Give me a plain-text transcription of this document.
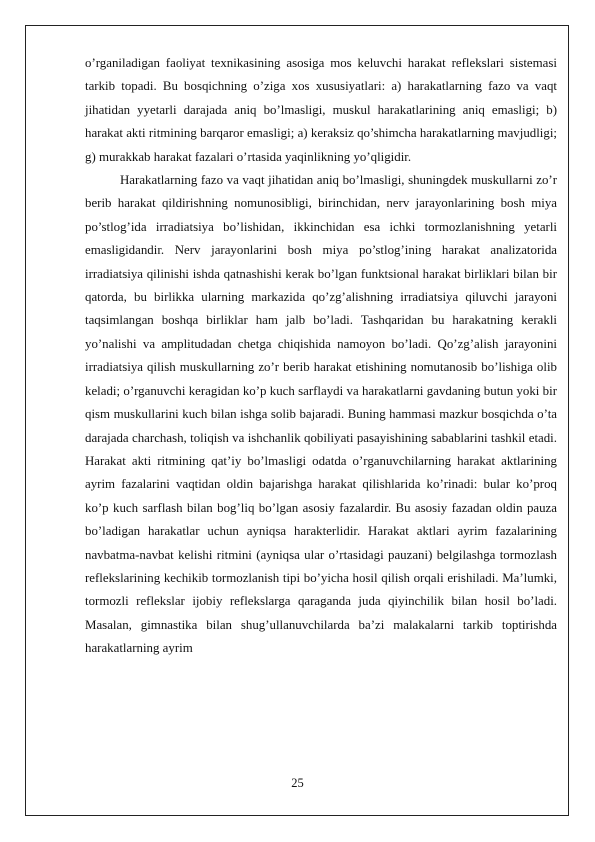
o’rganiladigan faoliyat texnikasining asosiga mos keluvchi harakat reflekslari sistemasi tarkib topadi. Bu bosqichning o’ziga xos xususiyatlari: a) harakatlarning fazo va vaqt jihatidan yyetarli darajada aniq bo’lmasligi, muskul harakatlarining aniq emasligi; b) harakat akti ritmining barqaror emasligi; a) keraksiz qo’shimcha harakatlarning mavjudligi; g) murakkab harakat fazalari o’rtasida yaqinlikning yo’qligidir.

Harakatlarning fazo va vaqt jihatidan aniq bo’lmasligi, shuningdek muskullarni zo’r berib harakat qildirishning nomunosibligi, birinchidan, nerv jarayonlarining bosh miya po’stlog’ida irradiatsiya bo’lishidan, ikkinchidan esa ichki tormozlanishning yetarli emasligidandir. Nerv jarayonlarini bosh miya po’stlog’ining harakat analizatorida irradiatsiya qilinishi ishda qatnashishi kerak bo’lgan funktsional harakat birliklari bilan bir qatorda, bu birlikka ularning markazida qo’zg’alishning irradiatsiya qiluvchi jarayoni taqsimlangan boshqa birliklar ham jalb bo’ladi. Tashqaridan bu harakatning kerakli yo’nalishi va amplitudadan chetga chiqishida namoyon bo’ladi. Qo’zg’alish jarayonini irradiatsiya qilish muskullarning zo’r berib harakat etishining nomutanosib bo’lishiga olib keladi; o’rganuvchi keragidan ko’p kuch sarflaydi va harakatlarni gavdaning butun yoki bir qism muskullarini kuch bilan ishga solib bajaradi. Buning hammasi mazkur bosqichda o’ta darajada charchash, toliqish va ishchanlik qobiliyati pasayishining sabablarini tashkil etadi. Harakat akti ritmining qat’iy bo’lmasligi odatda o’rganuvchilarning harakat aktlarining ayrim fazalarini vaqtidan oldin bajarishga harakat qilishlarida ko’rinadi: bular ko’proq ko’p kuch sarflash bilan bog’liq bo’lgan asosiy fazalardir. Bu asosiy fazadan oldin pauza bo’ladigan harakatlar uchun ayniqsa harakterlidir. Harakat aktlari ayrim fazalarining navbatma-navbat kelishi ritmini (ayniqsa ular o’rtasidagi pauzani) belgilashga tormozlash reflekslarining kechikib tormozlanish tipi bo’yicha hosil qilish orqali erishiladi. Ma’lumki, tormozli reflekslar ijobiy reflekslarga qaraganda juda qiyinchilik bilan hosil bo’ladi. Masalan, gimnastika bilan shug’ullanuvchilarda ba’zi malakalarni tarkib toptirishda harakatlarning ayrim

25
